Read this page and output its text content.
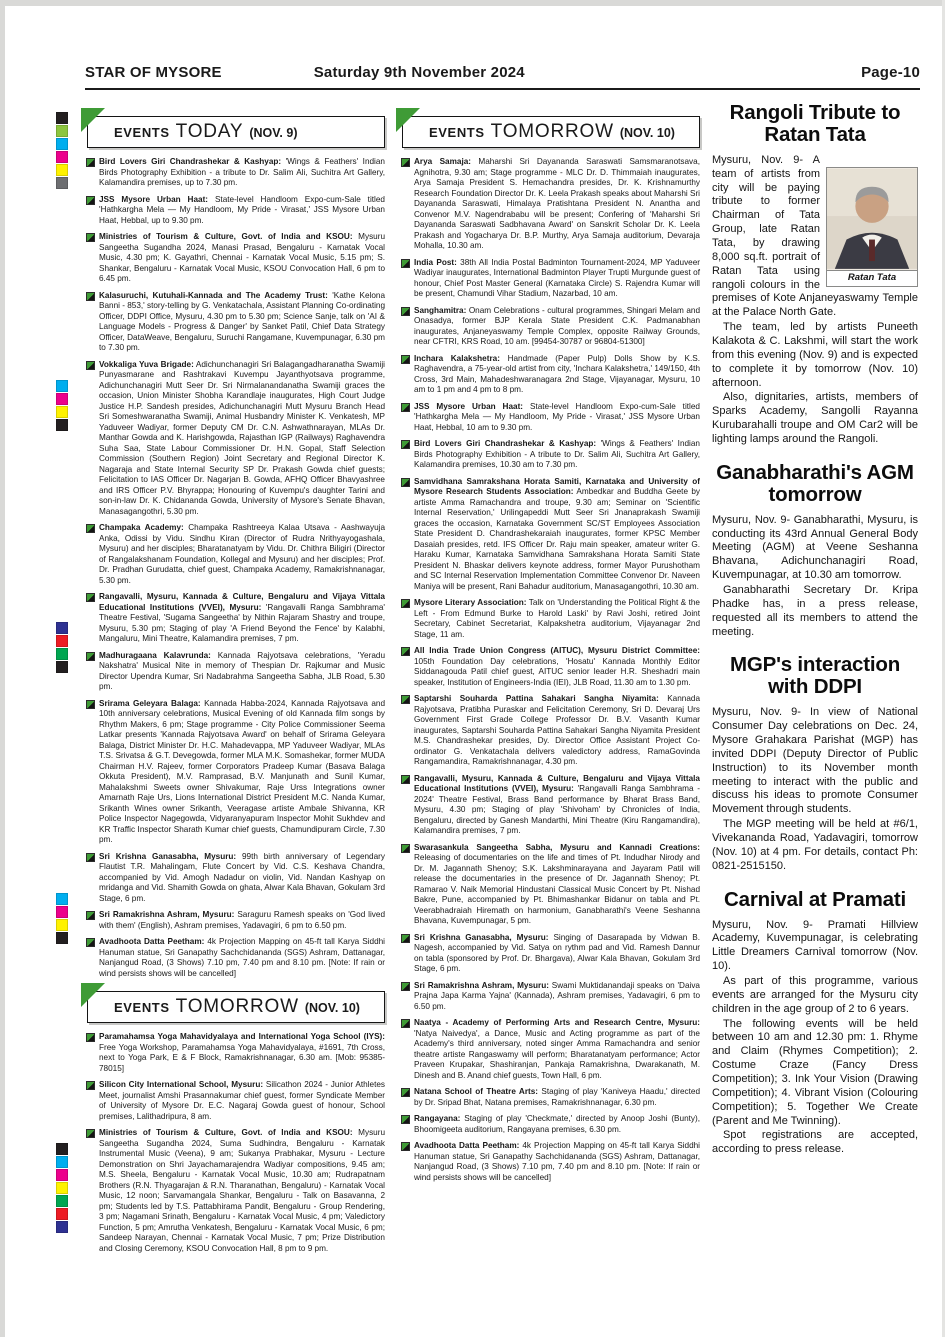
STAR OF MYSORE	Saturday 9th November 2024	Page-10
EVENTS TODAY (NOV. 9)
Bird Lovers Giri Chandrashekar & Kashyap: 'Wings & Feathers' Indian Birds Photography Exhibition - a tribute to Dr. Salim Ali, Suchitra Art Gallery, Kalamandira premises, up to 7.30 pm.
JSS Mysore Urban Haat: State-level Handloom Expo-cum-Sale titled 'Hathkargha Mela — My Handloom, My Pride - Virasat,' JSS Mysore Urban Haat, Hebbal, up to 9.30 pm.
Ministries of Tourism & Culture, Govt. of India and KSOU: Mysuru Sangeetha Sugandha 2024, Manasi Prasad, Bengaluru - Karnatak Vocal Music, 4.30 pm; K. Gayathri, Chennai - Karnatak Vocal Music, 5.15 pm; S. Shankar, Bengaluru - Karnatak Vocal Music, KSOU Convocation Hall, 6 pm to 6.45 pm.
Kalasuruchi, Kutuhali-Kannada and The Academy Trust: 'Kathe Kelona Banni - 853,' story-telling by G. Venkatachala, Assistant Planning Co-ordinating Officer, DDPI Office, Mysuru, 4.30 pm to 5.30 pm; Science Sanje, talk on 'AI & Language Models - Progress & Danger' by Sanket Patil, Chief Data Strategy Officer, DataWeave, Bengaluru, Suruchi Rangamane, Kuvempunagar, 6.30 pm to 7.30 pm.
Vokkaliga Yuva Brigade: Adichunchanagiri Sri Balagangadharanatha Swamiji Punyasmarane and Rashtrakavi Kuvempu Jayanthyotsava programme, Adichunchanagiri Mutt Seer Dr. Sri Nirmalanandanatha Swamiji graces the occasion, Union Minister Shobha Karandlaje inaugurates, High Court Judge Justice H.P. Sandesh presides, Adichunchanagiri Mutt Mysuru Branch Head Sri Someshwaranatha Swamiji, Animal Husbandry Minister K. Venkatesh, MP Yaduveer Wadiyar, former Deputy CM Dr. C.N. Ashwathnarayan, MLAs Dr. Manthar Gowda and K. Harishgowda, Rajasthan IGP (Railways) Raghavendra Suha Saa, State Labour Commissioner Dr. H.N. Gopal, Staff Selection Commission (Southern Region) Joint Secretary and Regional Director K. Nagaraja and State Internal Security SP Dr. Prakash Gowda chief guests; Felicitation to IAS Officer Dr. Nagarjan B. Gowda, AFHQ Officer Bhavyashree and IRS Officer P.V. Bhyrappa; Honouring of Kuvempu's daughter Tarini and son-in-law Dr. K. Chidananda Gowda, University of Mysore's Senate Bhavan, Manasagangothri, 5.30 pm.
Champaka Academy: Champaka Rashtreeya Kalaa Utsava - Aashwayuja Anka, Odissi by Vidu. Sindhu Kiran (Director of Rudra Nrithyayogashala, Mysuru) and her disciples; Bharatanatyam by Vidu. Dr. Chithra Biligiri (Director of Rangalakshanam Foundation, Kollegal and Mysuru) and her disciples; Prof. Dr. Pradhan Gurudatta, chief guest, Champaka Academy, Ramakrishnanagar, 5.30 pm.
Rangavalli, Mysuru, Kannada & Culture, Bengaluru and Vijaya Vittala Educational Institutions (VVEI), Mysuru: 'Rangavalli Ranga Sambhrama' Theatre Festival, 'Sugama Sangeetha' by Nithin Rajaram Shastry and troupe, Mysuru, 5.30 pm; Staging of play 'A Friend Beyond the Fence' by Kalabhi, Mangaluru, Mini Theatre, Kalamandira premises, 7 pm.
Madhuragaana Kalavrunda: Kannada Rajyotsava celebrations, 'Yeradu Nakshatra' Musical Nite in memory of Thespian Dr. Rajkumar and Music Director Upendra Kumar, Sri Nadabrahma Sangeetha Sabha, JLB Road, 5.30 pm.
Srirama Geleyara Balaga: Kannada Habba-2024, Kannada Rajyotsava and 10th anniversary celebrations, Musical Evening of old Kannada film songs by Rhythm Makers, 6 pm; Stage programme - City Police Commissioner Seema Latkar presents 'Kannada Rajyotsava Award' on behalf of Srirama Geleyara Balaga, District Minister Dr. H.C. Mahadevappa, MP Yaduveer Wadiyar, MLAs T.S. Srivatsa & G.T. Devegowda, former MLA M.K. Somashekar, former MUDA Chairman H.V. Rajeev, former Corporators Pradeep Kumar (Basava Balaga Okkuta President), M.V. Ramprasad, B.V. Manjunath and Sunil Kumar, Mahalakshmi Sweets owner Shivakumar, Raje Urss Integrations owner Amarnath Raje Urs, Lions International District President M.C. Nanda Kumar, Srikanth Wines owner Srikanth, Veeragase artiste Ambale Shivanna, KR Police Inspector Nagegowda, Vidyaranyapuram Inspector Mohit Sukhdev and KR Traffic Inspector Sharath Kumar chief guests, Chamundipuram Circle, 7.30 pm.
Sri Krishna Ganasabha, Mysuru: 99th birth anniversary of Legendary Flautist T.R. Mahalingam, Flute Concert by Vid. C.S. Keshava Chandra, accompanied by Vid. Amogh Nadadur on violin, Vid. Nandan Kashyap on mridanga and Vid. Shamith Gowda on ghata, Alwar Kala Bhavan, Gokulam 3rd Stage, 6 pm.
Sri Ramakrishna Ashram, Mysuru: Saraguru Ramesh speaks on 'God lived with them' (English), Ashram premises, Yadavagiri, 6 pm to 6.50 pm.
Avadhoota Datta Peetham: 4k Projection Mapping on 45-ft tall Karya Siddhi Hanuman statue, Sri Ganapathy Sachchidananda (SGS) Ashram, Dattanagar, Nanjangud Road, (3 Shows) 7.10 pm, 7.40 pm and 8.10 pm. [Note: If rain or wind persists shows will be cancelled]
EVENTS TOMORROW (NOV. 10)
Paramahamsa Yoga Mahavidyalaya and International Yoga School (IYS): Free Yoga Workshop, Paramahamsa Yoga Mahavidyalaya, #1691, 7th Cross, next to Yoga Park, E & F Block, Ramakrishnanagar, 6.30 am. [Mob: 95385-78015]
Silicon City International School, Mysuru: Silicathon 2024 - Junior Athletes Meet, journalist Amshi Prasannakumar chief guest, former Syndicate Member of University of Mysore Dr. E.C. Nagaraj Gowda guest of honour, School premises, Lalithadripura, 8 am.
Ministries of Tourism & Culture, Govt. of India and KSOU: Mysuru Sangeetha Sugandha 2024, Suma Sudhindra, Bengaluru - Karnatak Instrumental Music (Veena), 9 am; Sukanya Prabhakar, Mysuru - Lecture Demonstration on Shri Jayachamarajendra Wadiyar compositions, 9.45 am; M.S. Sheela, Bengaluru - Karnatak Vocal Music, 10.30 am; Rudrapatnam Brothers (R.N. Thyagarajan & R.N. Tharanathan, Bengaluru) - Karnatak Vocal Music, 12 noon; Sarvamangala Shankar, Bengaluru - Talk on Basavanna, 2 pm; Students led by T.S. Pattabhirama Pandit, Bengaluru - Group Rendering, 3 pm; Nagamani Srinath, Bengaluru - Karnatak Vocal Music, 4 pm; Valedictory Function, 5 pm; Amrutha Venkatesh, Bengaluru - Karnatak Vocal Music, 6 pm; Sandeep Narayan, Chennai - Karnatak Vocal Music, 7 pm; Prize Distribution and Closing Ceremony, KSOU Convocation Hall, 8 pm to 9 pm.
EVENTS TOMORROW (NOV. 10)
Arya Samaja: Maharshi Sri Dayananda Saraswati Samsmaranotsava, Agnihotra, 9.30 am; Stage programme - MLC Dr. D. Thimmaiah inaugurates, Arya Samaja President S. Hemachandra presides, Dr. K. Krishnamurthy Research Foundation Director Dr. K. Leela Prakash speaks about Maharshi Sri Dayananda Saraswati, Himalaya Pratishtana President N. Anantha and Convenor M.V. Nagendrababu will be present; Confering of 'Maharshi Sri Dayananda Saraswati Sadbhavana Award' on Sanskrit Scholar Dr. K. Leela Prakash and Yogacharya Dr. B.P. Murthy, Arya Samaja auditorium, Devaraja Mohalla, 10.30 am.
India Post: 38th All India Postal Badminton Tournament-2024, MP Yaduveer Wadiyar inaugurates, International Badminton Player Trupti Murgunde guest of honour, Chief Post Master General (Karnataka Circle) S. Rajendra Kumar will be present, Chamundi Vihar Stadium, Nazarbad, 10 am.
Sanghamitra: Onam Celebrations - cultural programmes, Shingari Melam and Onasadya, former BJP Kerala State President C.K. Padmanabhan inaugurates, Anjaneyaswamy Temple Complex, opposite Railway Grounds, near CFTRI, KRS Road, 10 am. [99454-30787 or 96804-51300]
Inchara Kalakshetra: Handmade (Paper Pulp) Dolls Show by K.S. Raghavendra, a 75-year-old artist from city, 'Inchara Kalakshetra,' 149/150, 4th Cross, 3rd Main, Mahadeshwaranagara 2nd Stage, Vijayanagar, Mysuru, 10 am to 1 pm and 4 pm to 8 pm.
JSS Mysore Urban Haat: State-level Handloom Expo-cum-Sale titled 'Hathkargha Mela — My Handloom, My Pride - Virasat,' JSS Mysore Urban Haat, Hebbal, 10 am to 9.30 pm.
Bird Lovers Giri Chandrashekar & Kashyap: 'Wings & Feathers' Indian Birds Photography Exhibition - A tribute to Dr. Salim Ali, Suchitra Art Gallery, Kalamandira premises, 10.30 am to 7.30 pm.
Samvidhana Samrakshana Horata Samiti, Karnataka and University of Mysore Research Students Association: Ambedkar and Buddha Geete by artiste Amma Ramachandra and troupe, 9.30 am; Seminar on 'Scientific Internal Reservation,' Urilingapeddi Mutt Seer Sri Jnanaprakash Swamiji graces the occasion, Karnataka Government SC/ST Employees Association State President D. Chandrashekaraiah inaugurates, former KPSC Member Dasaiah presides, retd. IFS Officer Dr. Raju main speaker, amateur writer G. Haraku Kumar, Karnataka Samvidhana Samrakshana Horata Samiti State President N. Bhaskar delivers keynote address, former Mayor Purushotham and SC Internal Reservation Implementation Committee Convenor Dr. Naveen Maniya will be present, Rani Bahadur auditorium, Manasagangothri, 10.30 am.
Mysore Literary Association: Talk on 'Understanding the Political Right & the Left - From Edmund Burke to Harold Laski' by Ravi Joshi, retired Joint Secretary, Cabinet Secretariat, Kalpakshetra auditorium, Vijayanagar 2nd Stage, 11 am.
All India Trade Union Congress (AITUC), Mysuru District Committee: 105th Foundation Day celebrations, 'Hosatu' Kannada Monthly Editor Siddanagouda Patil chief guest, AITUC senior leader H.R. Sheshadri main speaker, Institution of Engineers-India (IEI), JLB Road, 11.30 am to 1.30 pm.
Saptarshi Souharda Pattina Sahakari Sangha Niyamita: Kannada Rajyotsava, Pratibha Puraskar and Felicitation Ceremony, Sri D. Devaraj Urs Government First Grade College Professor Dr. B.V. Vasanth Kumar inaugurates, Saptarshi Souharda Pattina Sahakari Sangha Niyamita President M.S. Chandrashekar presides, Dy. Director Office Assistant Project Co-ordinator G. Venkatachala delivers valedictory address, RamaGovinda Rangamandira, Ramakrishnanagar, 4.30 pm.
Rangavalli, Mysuru, Kannada & Culture, Bengaluru and Vijaya Vittala Educational Institutions (VVEI), Mysuru: 'Rangavalli Ranga Sambhrama - 2024' Theatre Festival, Brass Band performance by Bharat Brass Band, Mysuru, 4.30 pm; Staging of play 'Shivoham' by Chronicles of India, Bengaluru, directed by Ganesh Mandarthi, Mini Theatre (Kiru Rangamandira), Kalamandira premises, 7 pm.
Swarasankula Sangeetha Sabha, Mysuru and Kannadi Creations: Releasing of documentaries on the life and times of Pt. Indudhar Nirody and Dr. M. Jagannath Shenoy; S.K. Lakshminarayana and Jayaram Patil will release the documentaries in the presence of Dr. Jagannath Shenoy; Pt. Ramarao V. Naik Memorial Hindustani Classical Music Concert by Pt. Nishad Bakre, Pune, accompanied by Pt. Bhimashankar Bidanur on tabla and Pt. Veerabhadraiah Hiremath on harmonium, Ganabharathi's Veene Seshanna Bhavana, Kuvempunagar, 5 pm.
Sri Krishna Ganasabha, Mysuru: Singing of Dasarapada by Vidwan B. Nagesh, accompanied by Vid. Satya on rythm pad and Vid. Ramesh Dannur on tabla (sponsored by Prof. Dr. Bhargava), Alwar Kala Bhavan, Gokulam 3rd Stage, 6 pm.
Sri Ramakrishna Ashram, Mysuru: Swami Muktidanandaji speaks on 'Daiva Prajna Japa Karma Yajna' (Kannada), Ashram premises, Yadavagiri, 6 pm to 6.50 pm.
Naatya - Academy of Performing Arts and Research Centre, Mysuru: 'Natya Naivedya', a Dance, Music and Acting programme as part of the Academy's third anniversary, noted singer Amma Ramachandra and senior theatre artiste Rangaswamy will perform; Bharatanatyam performance; Actor Praveen Krupakar, Shashiranjan, Pankaja Ramakrishna, Dwarakanath, M. Dinesh and B. Anand chief guests, Town Hall, 6 pm.
Natana School of Theatre Arts: Staging of play 'Kaniveya Haadu,' directed by Dr. Sripad Bhat, Natana premises, Ramakrishnanagar, 6.30 pm.
Rangayana: Staging of play 'Checkmate,' directed by Anoop Joshi (Bunty), Bhoomigeeta auditorium, Rangayana premises, 6.30 pm.
Avadhoota Datta Peetham: 4k Projection Mapping on 45-ft tall Karya Siddhi Hanuman statue, Sri Ganapathy Sachchidananda (SGS) Ashram, Dattanagar, Nanjangud Road, (3 Shows) 7.10 pm, 7.40 pm and 8.10 pm. [Note: If rain or wind persists shows will be cancelled]
Rangoli Tribute to Ratan Tata
Ratan Tata

Mysuru, Nov. 9- A team of artists from city will be paying tribute to former Chairman of Tata Group, late Ratan Tata, by drawing 8,000 sq.ft. portrait of Ratan Tata using rangoli colours in the premises of Kote Anjaneyaswamy Temple at the Palace North Gate.

The team, led by artists Puneeth Kalakota & C. Lakshmi, will start the work from this evening (Nov. 9) and is expected to complete it by tomorrow (Nov. 10) afternoon.

Also, dignitaries, artists, members of Sparks Academy, Sangolli Rayanna Kurubarahalli troupe and OM Car2 will be lighting lamps around the Rangoli.

Ganabharathi's AGM tomorrow

Mysuru, Nov. 9- Ganabharathi, Mysuru, is conducting its 43rd Annual General Body Meeting (AGM) at Veene Seshanna Bhavana, Adichunchanagiri Road, Kuvempunagar, at 10.30 am tomorrow.

Ganabharathi Secretary Dr. Kripa Phadke has, in a press release, requested all its members to attend the meeting.

MGP's interaction with DDPI

Mysuru, Nov. 9- In view of National Consumer Day celebrations on Dec. 24, Mysore Grahakara Parishat (MGP) has invited DDPI (Deputy Director of Public Instruction) to its November month meeting to interact with the public and discuss his ideas to promote Consumer Movement through students.

The MGP meeting will be held at #6/1, Vivekananda Road, Yadavagiri, tomorrow (Nov. 10) at 4 pm. For details, contact Ph: 0821-2515150.

Carnival at Pramati

Mysuru, Nov. 9- Pramati Hillview Academy, Kuvempunagar, is celebrating Little Dreamers Carnival tomorrow (Nov. 10).

As part of this programme, various events are arranged for the Mysuru city children in the age group of 2 to 6 years.

The following events will be held between 10 am and 12.30 pm: 1. Rhyme and Claim (Rhymes Competition); 2. Costume Craze (Fancy Dress Competition); 3. Ink Your Vision (Drawing Competition); 4. Vibrant Vision (Colouring Competition); 5. Together We Create (Parent and Me Twinning).

Spot registrations are accepted, according to press release.
